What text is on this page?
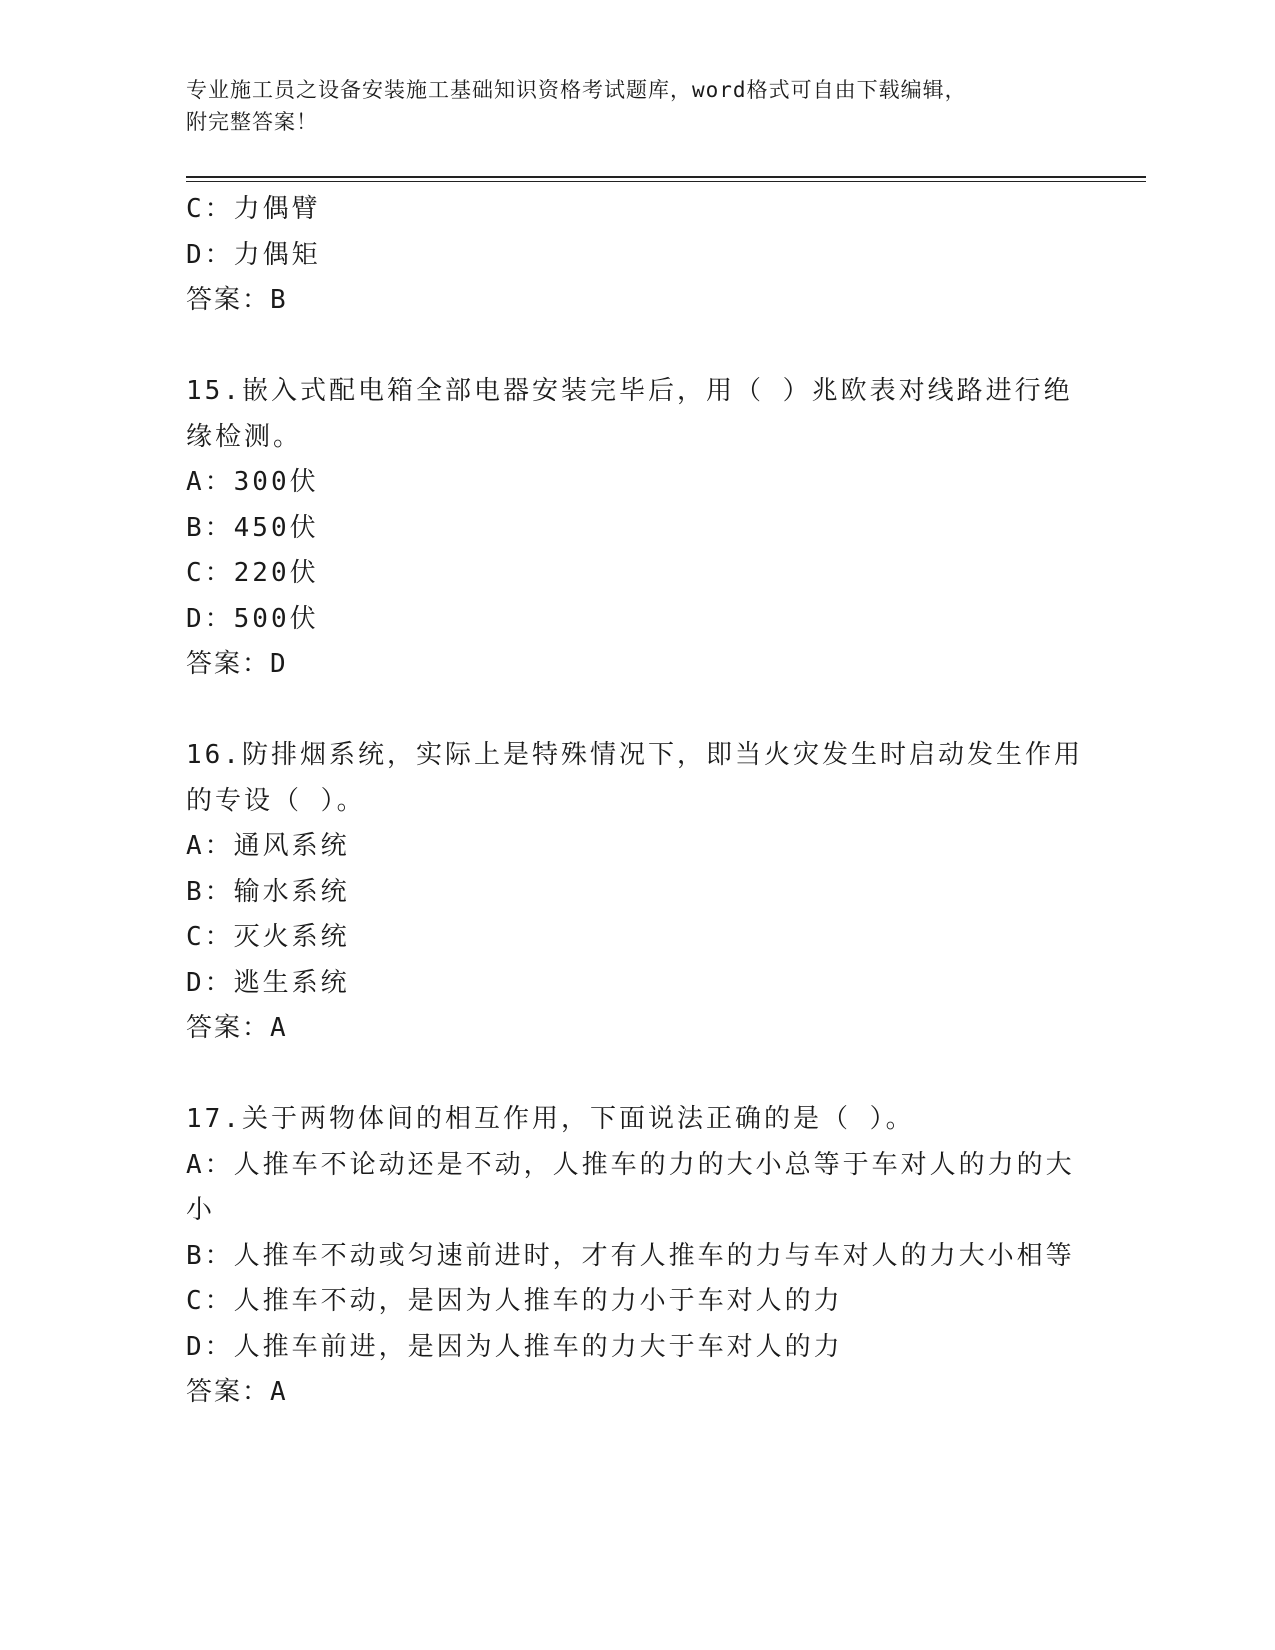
专业施工员之设备安装施工基础知识资格考试题库，word格式可自由下载编辑，
附完整答案！
C：力偶臂
D：力偶矩
答案：B
15.嵌入式配电箱全部电器安装完毕后，用（ ）兆欧表对线路进行绝
缘检测。
A：300伏
B：450伏
C：220伏
D：500伏
答案：D
16.防排烟系统，实际上是特殊情况下，即当火灾发生时启动发生作用
的专设（ ）。
A：通风系统
B：输水系统
C：灭火系统
D：逃生系统
答案：A
17.关于两物体间的相互作用，下面说法正确的是（ ）。
A：人推车不论动还是不动，人推车的力的大小总等于车对人的力的大
小
B：人推车不动或匀速前进时，才有人推车的力与车对人的力大小相等
C：人推车不动，是因为人推车的力小于车对人的力
D：人推车前进，是因为人推车的力大于车对人的力
答案：A
